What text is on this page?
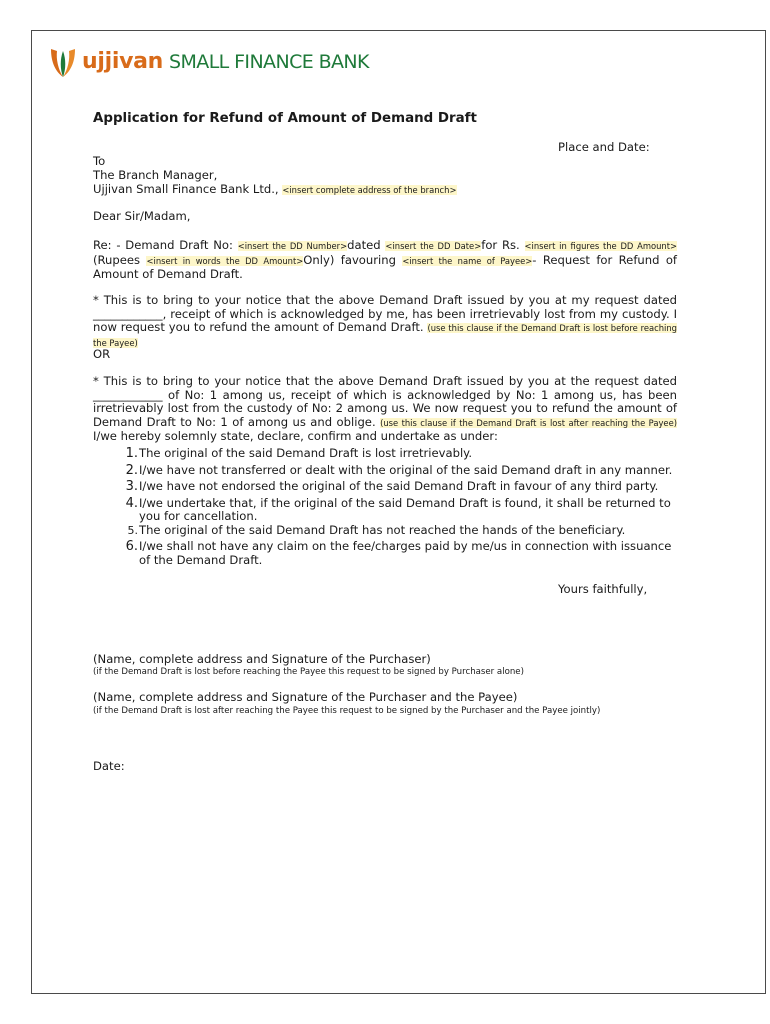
ujjivan SMALL FINANCE BANK
Application for Refund of Amount of Demand Draft
Place and Date:
To
The Branch Manager,
Ujjivan Small Finance Bank Ltd., <insert complete address of the branch>
Dear Sir/Madam,
Re: - Demand Draft No: <insert the DD Number>dated <insert the DD Date>for Rs. <insert in figures the DD Amount>(Rupees <insert in words the DD Amount>Only) favouring <insert the name of Payee>- Request for Refund of Amount of Demand Draft.
* This is to bring to your notice that the above Demand Draft issued by you at my request dated ____________, receipt of which is acknowledged by me, has been irretrievably lost from my custody. I now request you to refund the amount of Demand Draft. (use this clause if the Demand Draft is lost before reaching the Payee)
OR
* This is to bring to your notice that the above Demand Draft issued by you at the request dated ____________ of No: 1 among us, receipt of which is acknowledged by No: 1 among us, has been irretrievably lost from the custody of No: 2 among us. We now request you to refund the amount of Demand Draft to No: 1 of among us and oblige. (use this clause if the Demand Draft is lost after reaching the Payee) I/we hereby solemnly state, declare, confirm and undertake as under:
1. The original of the said Demand Draft is lost irretrievably.
2. I/we have not transferred or dealt with the original of the said Demand draft in any manner.
3. I/we have not endorsed the original of the said Demand Draft in favour of any third party.
4. I/we undertake that, if the original of the said Demand Draft is found, it shall be returned to you for cancellation.
5. The original of the said Demand Draft has not reached the hands of the beneficiary.
6. I/we shall not have any claim on the fee/charges paid by me/us in connection with issuance of the Demand Draft.
Yours faithfully,
(Name, complete address and Signature of the Purchaser)
(if the Demand Draft is lost before reaching the Payee this request to be signed by Purchaser alone)
(Name, complete address and Signature of the Purchaser and the Payee)
(if the Demand Draft is lost after reaching the Payee this request to be signed by the Purchaser and the Payee jointly)
Date:
